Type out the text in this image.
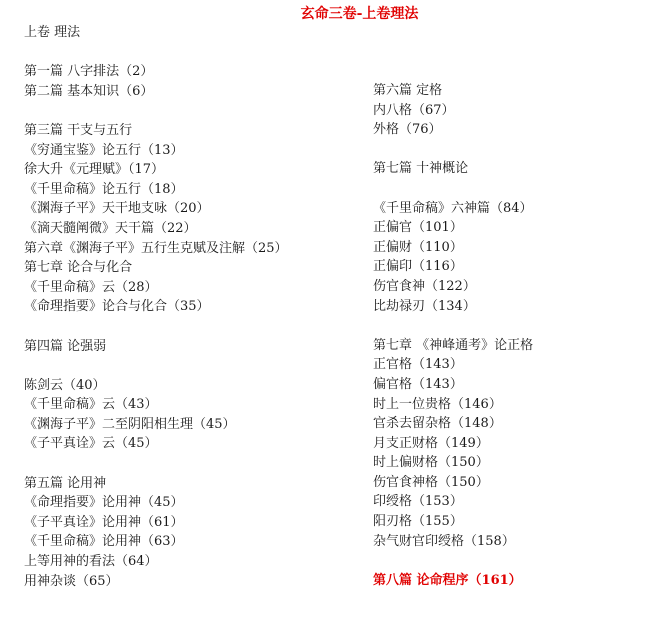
玄命三卷-上卷理法
上卷 理法
第一篇 八字排法（2）
第二篇 基本知识（6）
第三篇 干支与五行
《穷通宝鉴》论五行（13）
徐大升《元理赋》（17）
《千里命稿》论五行（18）
《渊海子平》天干地支咏（20）
《滴天髓阐微》天干篇（22）
第六章《渊海子平》五行生克赋及注解（25）
第七章 论合与化合
《千里命稿》云（28）
《命理指要》论合与化合（35）
第四篇 论强弱
陈剑云（40）
《千里命稿》云（43）
《渊海子平》二至阴阳相生理（45）
《子平真诠》云（45）
第五篇 论用神
《命理指要》论用神（45）
《子平真诠》论用神（61）
《千里命稿》论用神（63）
上等用神的看法（64）
用神杂谈（65）
第六篇 定格
内八格（67）
外格（76）
第七篇 十神概论
《千里命稿》六神篇（84）
正偏官（101）
正偏财（110）
正偏印（116）
伤官食神（122）
比劫禄刃（134）
第七章 《神峰通考》论正格
正官格（143）
偏官格（143）
时上一位贵格（146）
官杀去留杂格（148）
月支正财格（149）
时上偏财格（150）
伤官食神格（150）
印绶格（153）
阳刃格（155）
杂气财官印绶格（158）
第八篇 论命程序（161）
